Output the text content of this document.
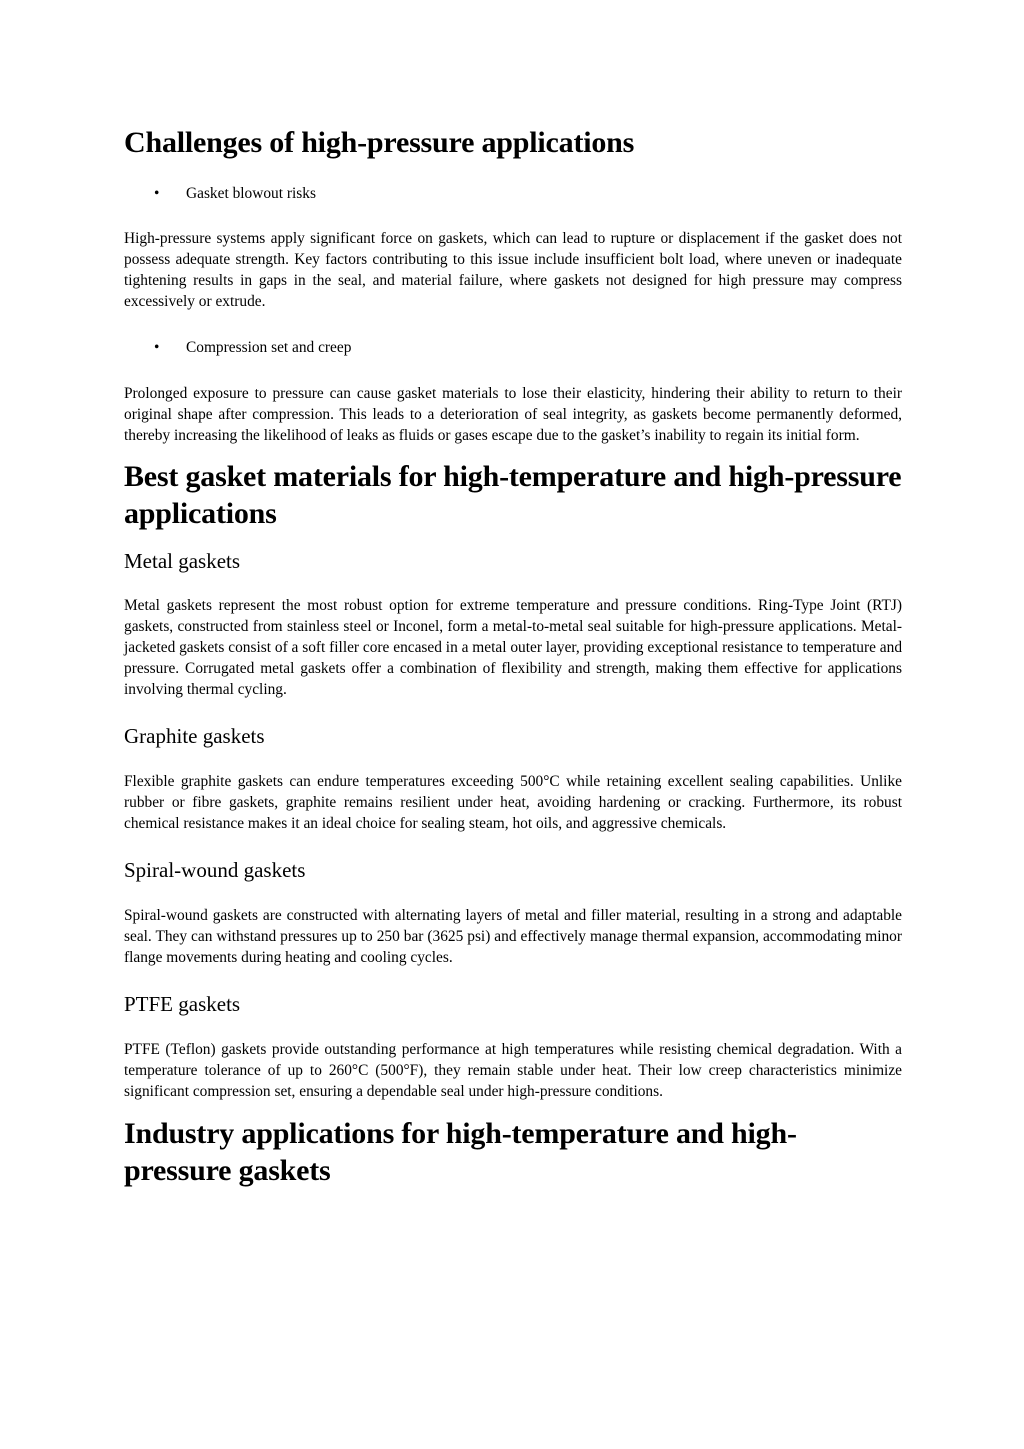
Challenges of high-pressure applications
• Gasket blowout risks

High-pressure systems apply significant force on gaskets, which can lead to rupture or displacement if the gasket does not possess adequate strength. Key factors contributing to this issue include insufficient bolt load, where uneven or inadequate tightening results in gaps in the seal, and material failure, where gaskets not designed for high pressure may compress excessively or extrude.

• Compression set and creep

Prolonged exposure to pressure can cause gasket materials to lose their elasticity, hindering their ability to return to their original shape after compression. This leads to a deterioration of seal integrity, as gaskets become permanently deformed, thereby increasing the likelihood of leaks as fluids or gases escape due to the gasket’s inability to regain its initial form.

Best gasket materials for high-temperature and high-pressure applications
Metal gaskets

Metal gaskets represent the most robust option for extreme temperature and pressure conditions. Ring-Type Joint (RTJ) gaskets, constructed from stainless steel or Inconel, form a metal-to-metal seal suitable for high-pressure applications. Metal-jacketed gaskets consist of a soft filler core encased in a metal outer layer, providing exceptional resistance to temperature and pressure. Corrugated metal gaskets offer a combination of flexibility and strength, making them effective for applications involving thermal cycling.

Graphite gaskets

Flexible graphite gaskets can endure temperatures exceeding 500°C while retaining excellent sealing capabilities. Unlike rubber or fibre gaskets, graphite remains resilient under heat, avoiding hardening or cracking. Furthermore, its robust chemical resistance makes it an ideal choice for sealing steam, hot oils, and aggressive chemicals.

Spiral-wound gaskets

Spiral-wound gaskets are constructed with alternating layers of metal and filler material, resulting in a strong and adaptable seal. They can withstand pressures up to 250 bar (3625 psi) and effectively manage thermal expansion, accommodating minor flange movements during heating and cooling cycles.

PTFE gaskets

PTFE (Teflon) gaskets provide outstanding performance at high temperatures while resisting chemical degradation. With a temperature tolerance of up to 260°C (500°F), they remain stable under heat. Their low creep characteristics minimize significant compression set, ensuring a dependable seal under high-pressure conditions.

Industry applications for high-temperature and high-pressure gaskets
